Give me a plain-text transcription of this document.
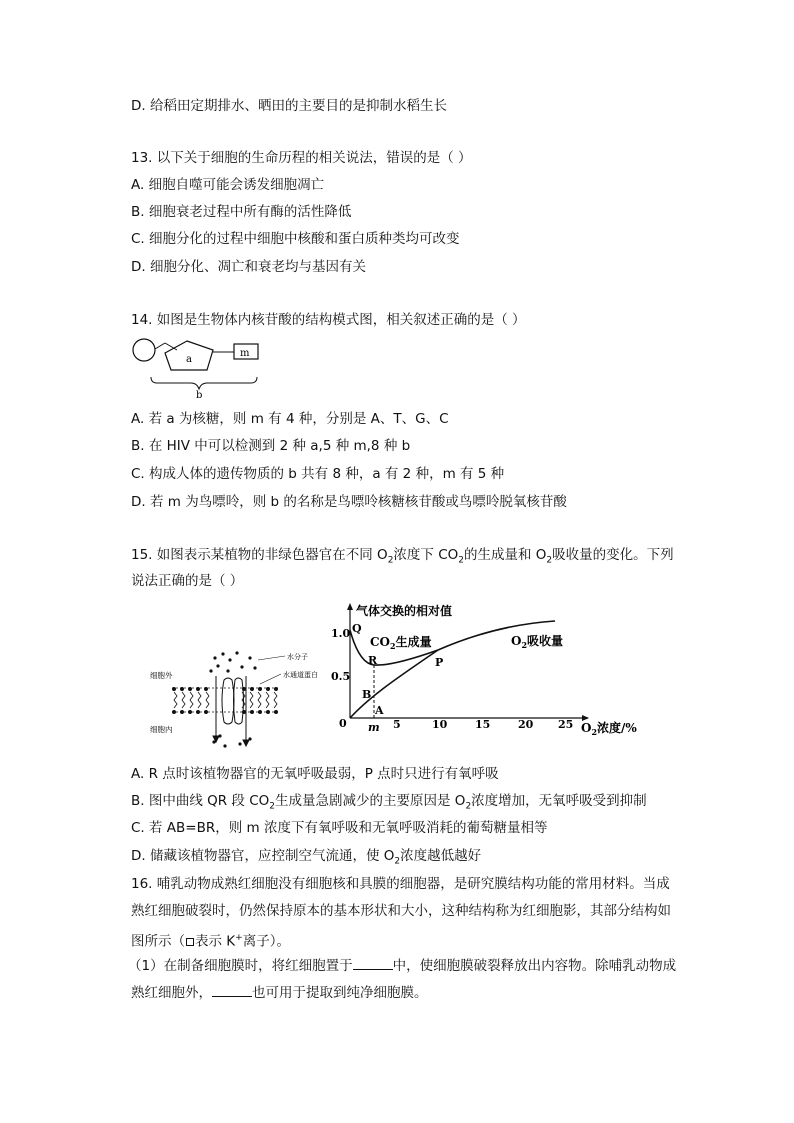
D. 给稻田定期排水、晒田的主要目的是抑制水稻生长
13. 以下关于细胞的生命历程的相关说法，错误的是（ ）
A. 细胞自噬可能会诱发细胞凋亡
B. 细胞衰老过程中所有酶的活性降低
C. 细胞分化的过程中细胞中核酸和蛋白质种类均可改变
D. 细胞分化、凋亡和衰老均与基因有关
14. 如图是生物体内核苷酸的结构模式图，相关叙述正确的是（ ）
a
m
b
A. 若 a 为核糖，则 m 有 4 种，分别是 A、T、G、C
B. 在 HIV 中可以检测到 2 种 a,5 种 m,8 种 b
C. 构成人体的遗传物质的 b 共有 8 种，a 有 2 种，m 有 5 种
D. 若 m 为鸟嘌呤，则 b 的名称是鸟嘌呤核糖核苷酸或鸟嘌呤脱氧核苷酸
15. 如图表示某植物的非绿色器官在不同 $O_2$浓度下 $CO_2$的生成量和 $O_2$吸收量的变化。下列
说法正确的是（ ）
细胞外
细胞内
水分子
水通道蛋白
气体交换的相对值
1.0
0.5
0	5	10	15	20 25
m	$O_2$浓度/%
Q
R	P
B
A
$CO_2$生成量	$O_2$吸收量
A. R 点时该植物器官的无氧呼吸最弱，P 点时只进行有氧呼吸
B. 图中曲线 QR 段 $CO_2$生成量急剧减少的主要原因是 $O_2$浓度增加，无氧呼吸受到抑制
C. 若 AB=BR，则 m 浓度下有氧呼吸和无氧呼吸消耗的葡萄糖量相等
D. 储藏该植物器官，应控制空气流通，使 $O_2$浓度越低越好
16. 哺乳动物成熟红细胞没有细胞核和具膜的细胞器，是研究膜结构功能的常用材料。当成
熟红细胞破裂时，仍然保持原本的基本形状和大小，这种结构称为红细胞影，其部分结构如
图所示（ 表示 K+离子）。
（1）在制备细胞膜时，将红细胞置于	中，使细胞膜破裂释放出内容物。除哺乳动物成
熟红细胞外，	也可用于提取到纯净细胞膜。
